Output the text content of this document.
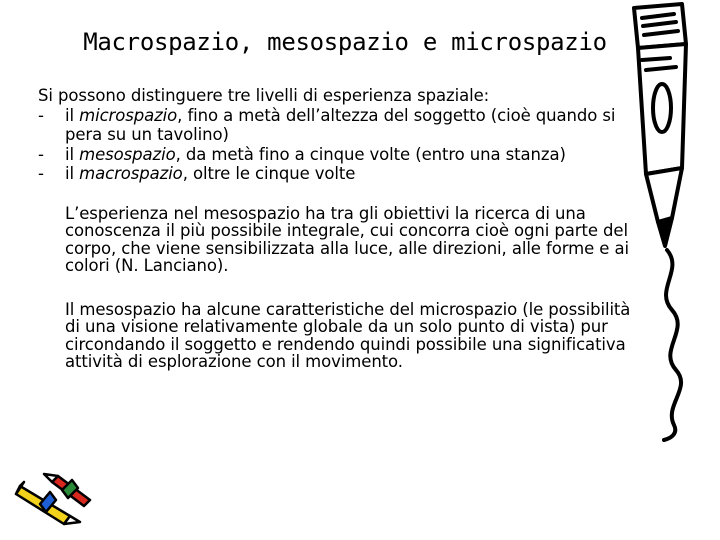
Macrospazio, mesospazio e microspazio

Si possono distinguere tre livelli di esperienza spaziale:

- il microspazio, fino a metà dell’altezza del soggetto (cioè quando si pera su un tavolino)
- il mesospazio, da metà fino a cinque volte (entro una stanza)
- il macrospazio, oltre le cinque volte

L’esperienza nel mesospazio ha tra gli obiettivi la ricerca di una conoscenza il più possibile integrale, cui concorra cioè ogni parte del corpo, che viene sensibilizzata alla luce, alle direzioni, alle forme e ai colori (N. Lanciano).

Il mesospazio ha alcune caratteristiche del microspazio (le possibilità di una visione relativamente globale da un solo punto di vista) pur circondando il soggetto e rendendo quindi possibile una significativa attività di esplorazione con il movimento.
